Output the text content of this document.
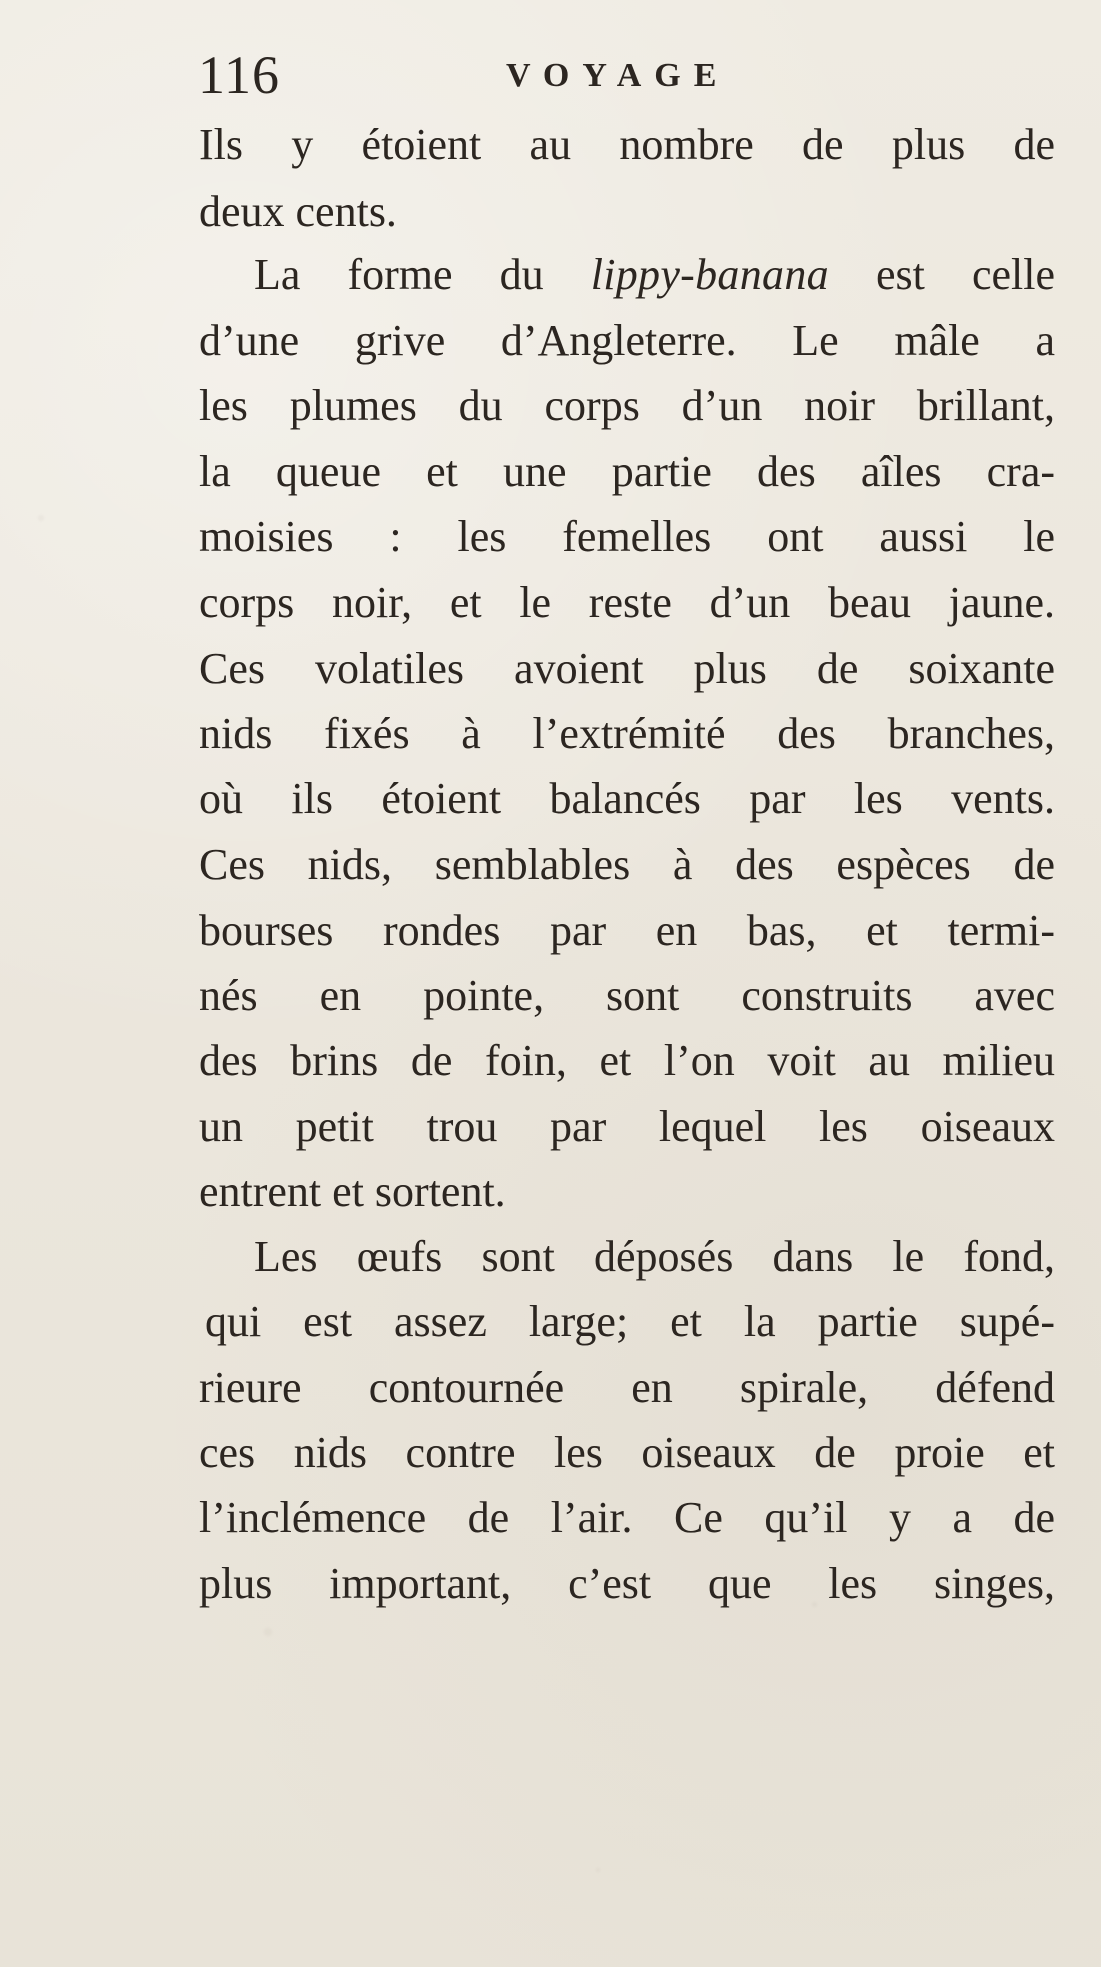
116	VOYAGE
Ils y étoient au nombre de plus de
deux cents.
La forme du lippy-banana est celle
d’une grive d’Angleterre. Le mâle a
les plumes du corps d’un noir brillant,
la queue et une partie des aîles cra-
moisies : les femelles ont aussi le
corps noir, et le reste d’un beau jaune.
Ces volatiles avoient plus de soixante
nids fixés à l’extrémité des branches,
où ils étoient balancés par les vents.
Ces nids, semblables à des espèces de
bourses rondes par en bas, et termi-
nés en pointe, sont construits avec
des brins de foin, et l’on voit au milieu
un petit trou par lequel les oiseaux
entrent et sortent.
Les œufs sont déposés dans le fond,
qui est assez large; et la partie supé-
rieure contournée en spirale, défend
ces nids contre les oiseaux de proie et
l’inclémence de l’air. Ce qu’il y a de
plus important, c’est que les singes,
